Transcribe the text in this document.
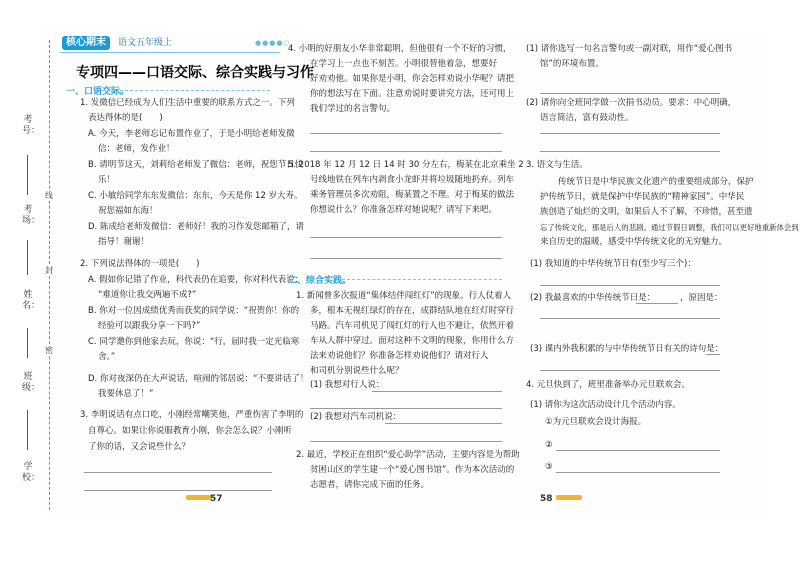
考号：
考场：
姓名：
班级：
学校：
线
封
密
核心期末	语文五年级上	●●●●○
专项四——口语交际、综合实践与习作
一、口语交际。
1. 发微信已经成为人们生活中重要的联系方式之一。下列
表达得体的是(　　)
A. 今天，李老师忘记布置作业了，于是小明给老师发微
信：老师，发作业！
B. 请明节这天，刘莉给老师发了微信：老师，祝您节日快
乐！
C. 小敏给同学东东发微信：东东，今天是你 12 岁大寿。
祝您福如东海！
D. 陈成给老师发微信：老师好！我的习作发您邮箱了，请
指导！谢谢！
2. 下列说法得体的一项是(　　)
A. 假如你记错了作业，科代表仍在追要，你对科代表说：
“难道你让我交两遍不成?”
B. 你对一位因成绩优秀而获奖的同学说：“祝贺你！你的
经验可以跟我分享一下吗?”
C. 同学邀你到他家去玩，你说：“行，届时我一定光临寒
舍。”
D. 你对夜深仍在大声说话，喧闹的邻居说：“不要讲话了！
我要休息了！”
3. 李明说话有点口吃，小刚经常嘲笑他，严重伤害了李明的
自尊心。如果让你说服教育小刚，你会怎么说？小刚听
了你的话，又会说些什么？
57
4. 小明的好朋友小华非常聪明，但他很有一个不好的习惯，
在学习上一点也不刻苦。小明很替他着急，想要好
好劝劝他。如果你是小明，你会怎样劝说小华呢？请把
你的想法写在下面。注意劝说时要讲究方法，还可用上
我们学过的名言警句。
5. 2018 年 12 月 12 日 14 时 30 分左右，梅某在北京乘坐 2
号线地铁在列车内剥食小龙虾并将垃圾随地扔弃。列车
乘务管理员多次劝阻，梅某置之不理。对于梅某的做法
你想说什么？你准备怎样对她说呢？请写下来吧。
二、综合实践。
1. 新闻曾多次报道“集体结伴闯红灯”的现象。行人仗着人
多，根本无视红绿灯的存在，成群结队地在红灯时穿行
马路。汽车司机见了闯红灯的行人也不避让，依然开着
车从人群中穿过。面对这种不文明的现象，你用什么方
法来劝说他们？你准备怎样劝说他们？请对行人
和司机分别说些什么呢？
(1) 我想对行人说：
(2) 我想对汽车司机说：
2. 最近，学校正在组织“爱心助学”活动，主要内容是为帮助
贫困山区的学生建一个“爱心图书馆”。作为本次活动的
志愿者，请你完成下面的任务。
(1) 请你选写一句名言警句或一副对联，用作“爱心图书
馆”的环境布置。
(2) 请你向全班同学做一次捐书动员。要求：中心明确，
语言简洁，富有鼓动性。
3. 语文与生活。
传统节日是中华民族文化遗产的重要组成部分，保护
护传统节日，就是保护中华民族的“精神家园”。中华民
族创造了灿烂的文明，如果后人不了解，不珍惜，甚至遗
忘了传统文化，那是后人的悲剧。通过节假日调整，我们可以更好地重新体会到
来自历史的温暖，感受中华传统文化的无穷魅力。
(1) 我知道的中华传统节日有(至少写三个)：
(2) 我最喜欢的中华传统节日是：	，原因是：
(3) 课内外我积累的与中华传统节日有关的诗句是：
4. 元旦快到了，班里准备举办元旦联欢会。
(1) 请你为这次活动设计几个活动内容。
①为元旦联欢会设计海报。
②
③
58
